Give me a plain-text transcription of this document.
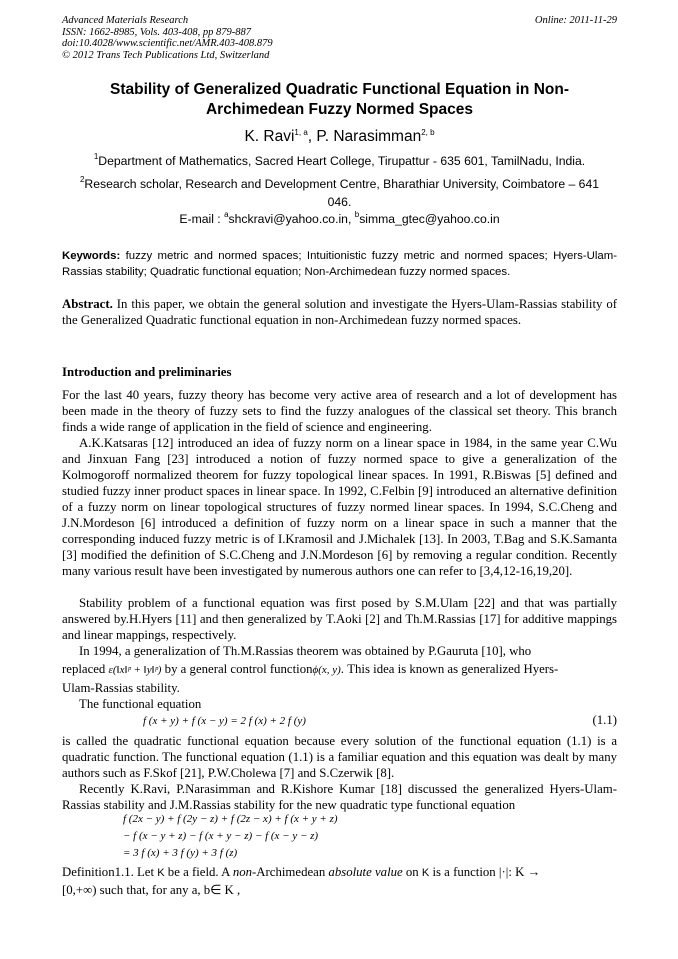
Advanced Materials Research
ISSN: 1662-8985, Vols. 403-408, pp 879-887
doi:10.4028/www.scientific.net/AMR.403-408.879
© 2012 Trans Tech Publications Ltd, Switzerland
Online: 2011-11-29
Stability of Generalized Quadratic Functional Equation in Non-
Archimedean Fuzzy Normed Spaces
K. Ravi$^{1, a}$, P. Narasimman$^{2, b}$
$^1$Department of Mathematics, Sacred Heart College, Tirupattur - 635 601, TamilNadu, India.
$^2$Research scholar, Research and Development Centre, Bharathiar University, Coimbatore – 641
046.
E-mail : $^a$shckravi@yahoo.co.in, $^b$simma_gtec@yahoo.co.in
Keywords: fuzzy metric and normed spaces; Intuitionistic fuzzy metric and normed spaces; Hyers-Ulam-Rassias stability; Quadratic functional equation; Non-Archimedean fuzzy normed spaces.
Abstract. In this paper, we obtain the general solution and investigate the Hyers-Ulam-Rassias stability of the Generalized Quadratic functional equation in non-Archimedean fuzzy normed spaces.
Introduction and preliminaries
For the last 40 years, fuzzy theory has become very active area of research and a lot of development has been made in the theory of fuzzy sets to find the fuzzy analogues of the classical set theory. This branch finds a wide range of application in the field of science and engineering.
A.K.Katsaras [12] introduced an idea of fuzzy norm on a linear space in 1984, in the same year C.Wu and Jinxuan Fang [23] introduced a notion of fuzzy normed space to give a generalization of the Kolmogoroff normalized theorem for fuzzy topological linear spaces. In 1991, R.Biswas [5] defined and studied fuzzy inner product spaces in linear space. In 1992, C.Felbin [9] introduced an alternative definition of a fuzzy norm on linear topological structures of fuzzy normed linear spaces. In 1994, S.C.Cheng and J.N.Mordeson [6] introduced a definition of fuzzy norm on a linear space in such a manner that the corresponding induced fuzzy metric is of I.Kramosil and J.Michalek [13]. In 2003, T.Bag and S.K.Samanta [3] modified the definition of S.C.Cheng and J.N.Mordeson [6] by removing a regular condition. Recently many various result have been investigated by numerous authors one can refer to [3,4,12-16,19,20].
Stability problem of a functional equation was first posed by S.M.Ulam [22] and that was partially answered by.H.Hyers [11] and then generalized by T.Aoki [2] and Th.M.Rassias [17] for additive mappings and linear mappings, respectively.
In 1994, a generalization of Th.M.Rassias theorem was obtained by P.Gauruta [10], who
replaced ε(‖x‖ᵖ + ‖y‖ᵖ) by a general control functionϕ(x, y). This idea is known as generalized Hyers-
Ulam-Rassias stability.
The functional equation
f (x + y) + f (x − y) = 2 f (x) + 2 f (y)	(1.1)
is called the quadratic functional equation because every solution of the functional equation (1.1) is a quadratic function. The functional equation (1.1) is a familiar equation and this equation was dealt by many authors such as F.Skof [21], P.W.Cholewa [7] and S.Czerwik [8].
Recently K.Ravi, P.Narasimman and R.Kishore Kumar [18] discussed the generalized Hyers-Ulam-Rassias stability and J.M.Rassias stability for the new quadratic type functional equation
f (2x − y) + f (2y − z) + f (2z − x) + f (x + y + z)
− f (x − y + z) − f (x + y − z) − f (x − y − z)
= 3 f (x) + 3 f (y) + 3 f (z)
Definition1.1. Let K be a field. A non-Archimedean absolute value on K is a function |·|: K →
[0,+∞) such that, for any a, b∈ K ,
